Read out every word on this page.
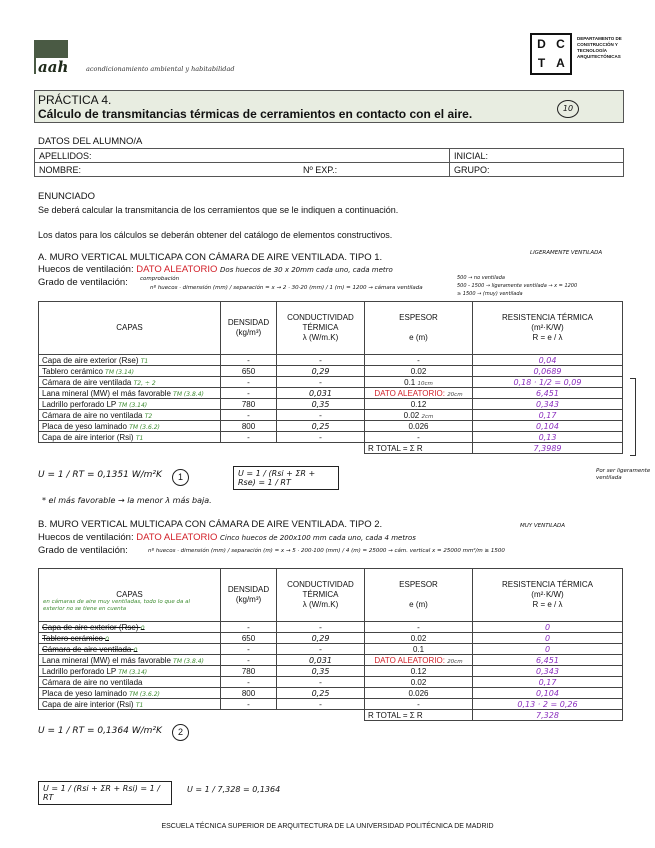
aah	acondicionamiento ambiental y habitabilidad
D C
T A
DEPARTAMENTO DE CONSTRUCCIÓN Y TECNOLOGÍA ARQUITECTÓNICAS
PRÁCTICA 4.
Cálculo de transmitancias térmicas de cerramientos en contacto con el aire.	10
DATOS DEL ALUMNO/A
APELLIDOS:	INICIAL:
NOMBRE: Nº EXP.:	GRUPO:
ENUNCIADO
Se deberá calcular la transmitancia de los cerramientos que se le indiquen a continuación.
Los datos para los cálculos se deberán obtener del catálogo de elementos constructivos.
A. MURO VERTICAL MULTICAPA CON CÁMARA DE AIRE VENTILADA. TIPO 1.
Huecos de ventilación: DATO ALEATORIO Dos huecos de 30 x 20mm cada uno, cada metro
Grado de ventilación: comprobación
nº huecos · dimensión (mm) / separación = x → 2 · 30·20 (mm) / 1 (m) = 1200 → cámara ventilada
LIGERAMENTE VENTILADA
500 → no ventilada
500 - 1500 → ligeramente ventilada → x = 1200
≥ 1500 → (muy) ventilada
CAPAS	DENSIDAD
(kg/m³)	CONDUCTIVIDAD TÉRMICA
λ (W/m.K)	ESPESOR

e (m)	RESISTENCIA TÉRMICA
(m²·K/W)
R = e / λ
Capa de aire exterior (Rse) T1	-	-	-	0,04
Tablero cerámico TM (3.14)	650	0,29	0.02	0,0689
Cámara de aire ventilada T2, ÷ 2	-	-	0.1 10cm	0,18 · 1/2 = 0,09
Lana mineral (MW) el más favorable TM (3.8.4)	-	0,031	DATO ALEATORIO: 20cm	6,451
Ladrillo perforado LP TM (3.14)	780	0,35	0.12	0,343
Cámara de aire no ventilada T2	-	-	0.02 2cm	0,17
Placa de yeso laminado TM (3.6.2)	800	0,25	0.026	0,104
Capa de aire interior (Rsi) T1	-	-	-	0,13
			R TOTAL = Σ R	7,3989
Por ser ligeramente ventilada
U = 1 / RT = 0,1351 W/m²K	1	U = 1 / (Rsi + ΣR + Rse) = 1 / RT
* el más favorable → la menor λ más baja.
B. MURO VERTICAL MULTICAPA CON CÁMARA DE AIRE VENTILADA. TIPO 2.	MUY VENTILADA
Huecos de ventilación: DATO ALEATORIO Cinco huecos de 200x100 mm cada uno, cada 4 metros
Grado de ventilación:	nº huecos · dimensión (mm) / separación (m) = x → 5 · 200·100 (mm) / 4 (m) = 25000 → cám. vertical x = 25000 mm²/m ≥ 1500
CAPAS
en cámaras de aire muy ventiladas, todo lo que da al exterior no se tiene en cuenta	DENSIDAD
(kg/m³)	CONDUCTIVIDAD TÉRMICA
λ (W/m.K)	ESPESOR

e (m)	RESISTENCIA TÉRMICA
(m²·K/W)
R = e / λ
Capa de aire exterior (Rse) 0	-	-	-	0
Tablero cerámico 0	650	0,29	0.02	0
Cámara de aire ventilada 0	-	-	0.1	0
Lana mineral (MW) el más favorable TM (3.8.4)	-	0,031	DATO ALEATORIO: 20cm	6,451
Ladrillo perforado LP TM (3.14)	780	0,35	0.12	0,343
Cámara de aire no ventilada	-	-	0.02	0,17
Placa de yeso laminado TM (3.6.2)	800	0,25	0.026	0,104
Capa de aire interior (Rsi) T1	-	-	-	0,13 · 2 = 0,26
			R TOTAL = Σ R	7,328
U = 1 / RT = 0,1364 W/m²K	2
U = 1 / (Rsi + ΣR + Rsi) = 1 / RT
U = 1 / 7,328 = 0,1364
ESCUELA TÉCNICA SUPERIOR DE ARQUITECTURA DE LA UNIVERSIDAD POLITÉCNICA DE MADRID
